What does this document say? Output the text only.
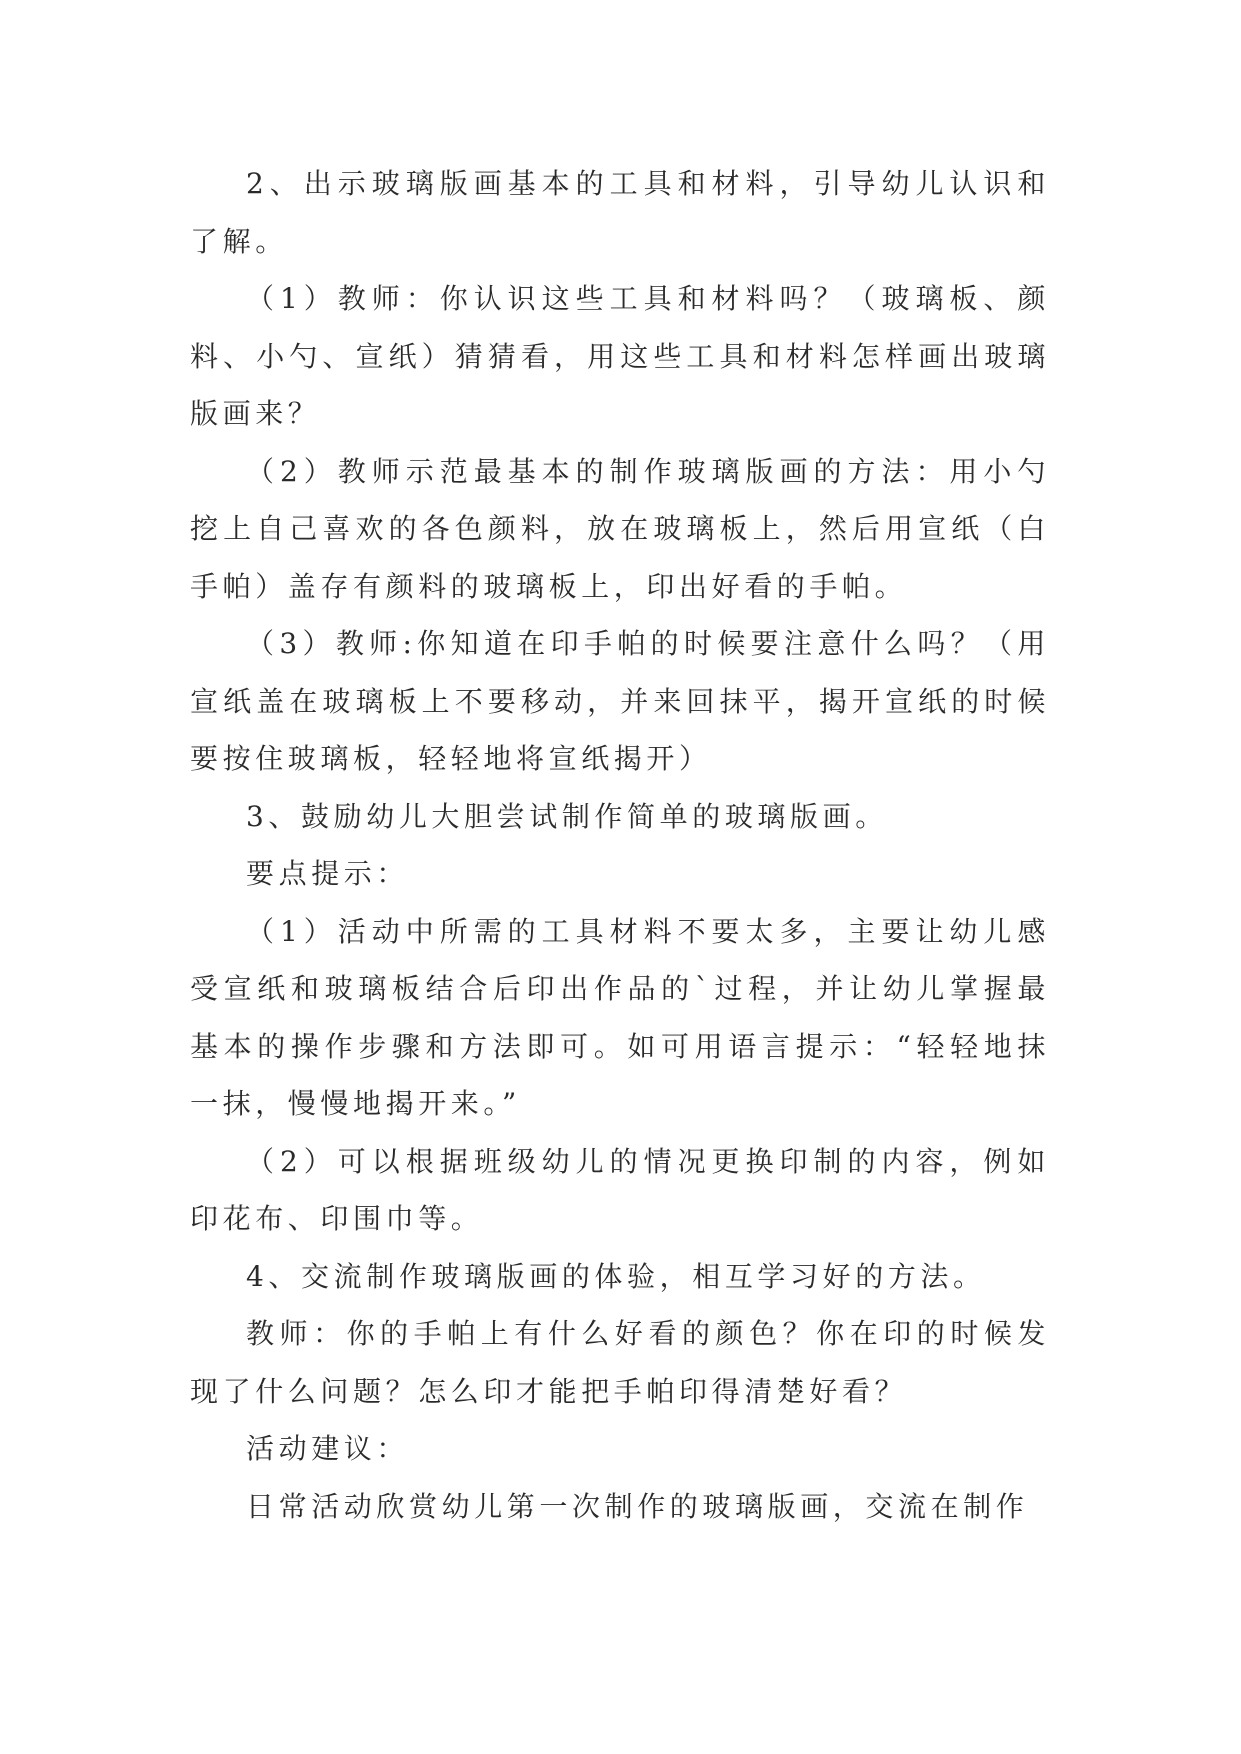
2、出示玻璃版画基本的工具和材料，引导幼儿认识和了解。

（1）教师：你认识这些工具和材料吗？（玻璃板、颜料、小勺、宣纸）猜猜看，用这些工具和材料怎样画出玻璃版画来？

（2）教师示范最基本的制作玻璃版画的方法：用小勺挖上自己喜欢的各色颜料，放在玻璃板上，然后用宣纸（白手帕）盖存有颜料的玻璃板上，印出好看的手帕。

（3）教师:你知道在印手帕的时候要注意什么吗？（用宣纸盖在玻璃板上不要移动，并来回抹平，揭开宣纸的时候要按住玻璃板，轻轻地将宣纸揭开）

3、鼓励幼儿大胆尝试制作简单的玻璃版画。

要点提示：

（1）活动中所需的工具材料不要太多，主要让幼儿感受宣纸和玻璃板结合后印出作品的`过程，并让幼儿掌握最基本的操作步骤和方法即可。如可用语言提示：“轻轻地抹一抹，慢慢地揭开来。”

（2）可以根据班级幼儿的情况更换印制的内容，例如印花布、印围巾等。

4、交流制作玻璃版画的体验，相互学习好的方法。

教师：你的手帕上有什么好看的颜色？你在印的时候发现了什么问题？怎么印才能把手帕印得清楚好看？

活动建议：

日常活动欣赏幼儿第一次制作的玻璃版画，交流在制作
